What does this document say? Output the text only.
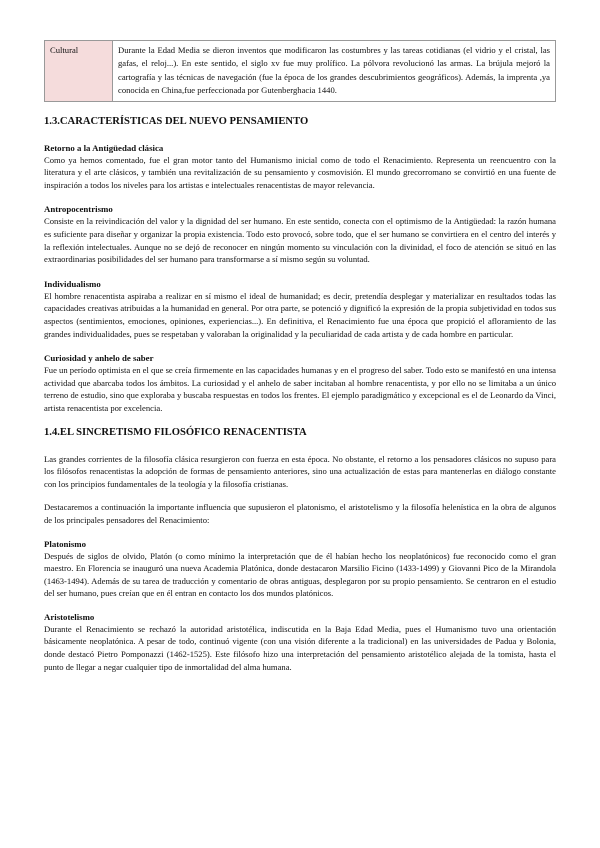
Cultural	Durante la Edad Media se dieron inventos que modificaron las costumbres y las tareas cotidianas (el vidrio y el cristal, las gafas, el reloj...). En este sentido, el siglo xv fue muy prolífico. La pólvora revolucionó las armas. La brújula mejoró la cartografía y las técnicas de navegación (fue la época de los grandes descubrimientos geográficos). Además, la imprenta ,ya conocida en China,fue perfeccionada por Gutenberghacia 1440.
1.3.CARACTERÍSTICAS DEL NUEVO PENSAMIENTO
Retorno a la Antigüedad clásica

Como ya hemos comentado, fue el gran motor tanto del Humanismo inicial como de todo el Renacimiento. Representa un reencuentro con la literatura y el arte clásicos, y también una revitalización de su pensamiento y cosmovisión. El mundo grecorromano se convirtió en una fuente de inspiración a todos los niveles para los artistas e intelectuales renacentistas de mayor relevancia.

Antropocentrismo

Consiste en la reivindicación del valor y la dignidad del ser humano. En este sentido, conecta con el optimismo de la Antigüedad: la razón humana es suficiente para diseñar y organizar la propia existencia. Todo esto provocó, sobre todo, que el ser humano se convirtiera en el centro del interés y la reflexión intelectuales. Aunque no se dejó de reconocer en ningún momento su vinculación con la divinidad, el foco de atención se situó en las extraordinarias posibilidades del ser humano para transformarse a sí mismo según su voluntad.

Individualismo

El hombre renacentista aspiraba a realizar en sí mismo el ideal de humanidad; es decir, pretendía desplegar y materializar en resultados todas las capacidades creativas atribuidas a la humanidad en general. Por otra parte, se potenció y dignificó la expresión de la propia subjetividad en todos sus aspectos (sentimientos, emociones, opiniones, experiencias...). En definitiva, el Renacimiento fue una época que propició el afloramiento de las grandes individualidades, pues se respetaban y valoraban la originalidad y la peculiaridad de cada artista y de cada hombre en particular.

Curiosidad y anhelo de saber

Fue un período optimista en el que se creía firmemente en las capacidades humanas y en el progreso del saber. Todo esto se manifestó en una intensa actividad que abarcaba todos los ámbitos. La curiosidad y el anhelo de saber incitaban al hombre renacentista, y por ello no se limitaba a un único terreno de estudio, sino que exploraba y buscaba respuestas en todos los frentes. El ejemplo paradigmático y excepcional es el de Leonardo da Vinci, artista renacentista por excelencia.

1.4.EL SINCRETISMO FILOSÓFICO RENACENTISTA

Las grandes corrientes de la filosofía clásica resurgieron con fuerza en esta época. No obstante, el retorno a los pensadores clásicos no supuso para los filósofos renacentistas la adopción de formas de pensamiento anteriores, sino una actualización de estas para mantenerlas en diálogo constante con los principios fundamentales de la teología y la filosofía cristianas.

Destacaremos a continuación la importante influencia que supusieron el platonismo, el aristotelismo y la filosofía helenística en la obra de algunos de los principales pensadores del Renacimiento:

Platonismo

Después de siglos de olvido, Platón (o como mínimo la interpretación que de él habían hecho los neoplatónicos) fue reconocido como el gran maestro. En Florencia se inauguró una nueva Academia Platónica, donde destacaron Marsilio Ficino (1433-1499) y Giovanni Pico de la Mirandola (1463-1494). Además de su tarea de traducción y comentario de obras antiguas, desplegaron por su propio pensamiento. Se centraron en el estudio del ser humano, pues creían que en él entran en contacto los dos mundos platónicos.

Aristotelismo

Durante el Renacimiento se rechazó la autoridad aristotélica, indiscutida en la Baja Edad Media, pues el Humanismo tuvo una orientación básicamente neoplatónica. A pesar de todo, continuó vigente (con una visión diferente a la tradicional) en las universidades de Padua y Bolonia, donde destacó Pietro Pomponazzi (1462-1525). Este filósofo hizo una interpretación del pensamiento aristotélico alejada de la tomista, hasta el punto de llegar a negar cualquier tipo de inmortalidad del alma humana.
